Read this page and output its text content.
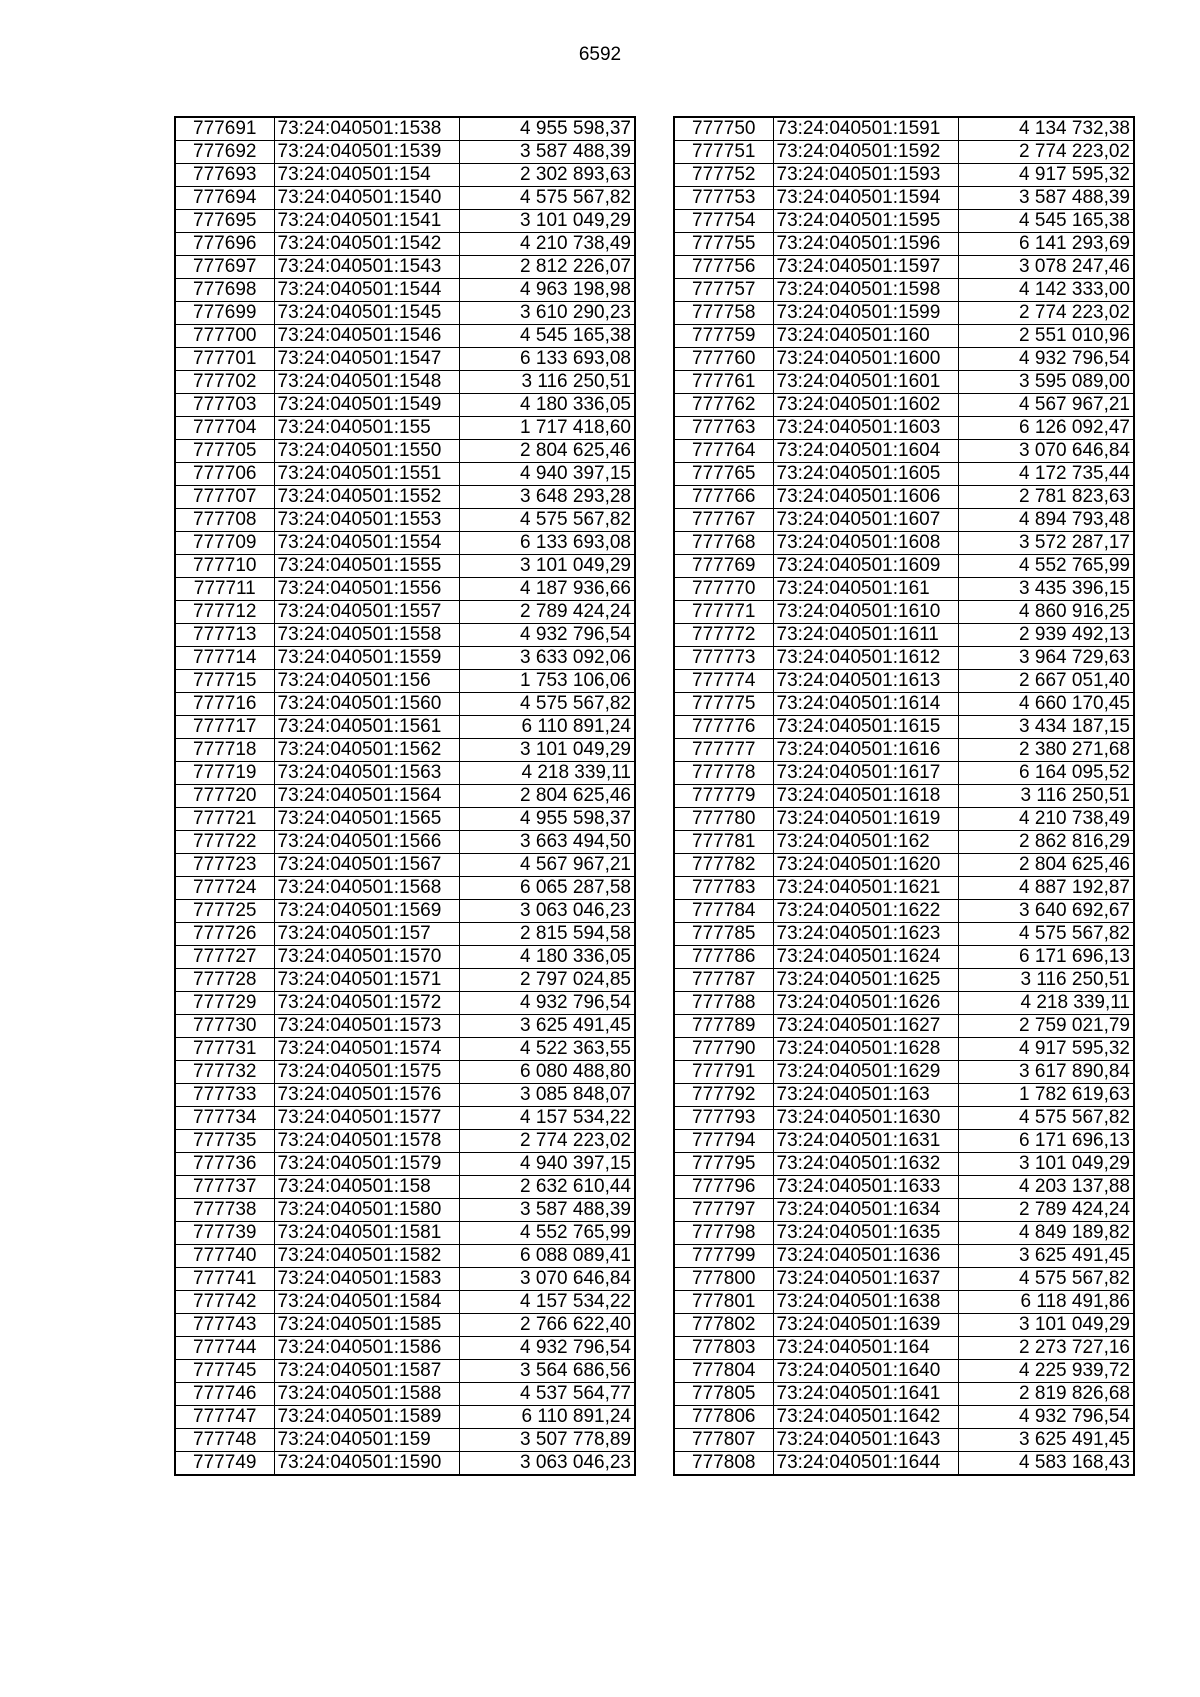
6592
777691	73:24:040501:1538	4 955 598,37
777692	73:24:040501:1539	3 587 488,39
777693	73:24:040501:154	2 302 893,63
777694	73:24:040501:1540	4 575 567,82
777695	73:24:040501:1541	3 101 049,29
777696	73:24:040501:1542	4 210 738,49
777697	73:24:040501:1543	2 812 226,07
777698	73:24:040501:1544	4 963 198,98
777699	73:24:040501:1545	3 610 290,23
777700	73:24:040501:1546	4 545 165,38
777701	73:24:040501:1547	6 133 693,08
777702	73:24:040501:1548	3 116 250,51
777703	73:24:040501:1549	4 180 336,05
777704	73:24:040501:155	1 717 418,60
777705	73:24:040501:1550	2 804 625,46
777706	73:24:040501:1551	4 940 397,15
777707	73:24:040501:1552	3 648 293,28
777708	73:24:040501:1553	4 575 567,82
777709	73:24:040501:1554	6 133 693,08
777710	73:24:040501:1555	3 101 049,29
777711	73:24:040501:1556	4 187 936,66
777712	73:24:040501:1557	2 789 424,24
777713	73:24:040501:1558	4 932 796,54
777714	73:24:040501:1559	3 633 092,06
777715	73:24:040501:156	1 753 106,06
777716	73:24:040501:1560	4 575 567,82
777717	73:24:040501:1561	6 110 891,24
777718	73:24:040501:1562	3 101 049,29
777719	73:24:040501:1563	4 218 339,11
777720	73:24:040501:1564	2 804 625,46
777721	73:24:040501:1565	4 955 598,37
777722	73:24:040501:1566	3 663 494,50
777723	73:24:040501:1567	4 567 967,21
777724	73:24:040501:1568	6 065 287,58
777725	73:24:040501:1569	3 063 046,23
777726	73:24:040501:157	2 815 594,58
777727	73:24:040501:1570	4 180 336,05
777728	73:24:040501:1571	2 797 024,85
777729	73:24:040501:1572	4 932 796,54
777730	73:24:040501:1573	3 625 491,45
777731	73:24:040501:1574	4 522 363,55
777732	73:24:040501:1575	6 080 488,80
777733	73:24:040501:1576	3 085 848,07
777734	73:24:040501:1577	4 157 534,22
777735	73:24:040501:1578	2 774 223,02
777736	73:24:040501:1579	4 940 397,15
777737	73:24:040501:158	2 632 610,44
777738	73:24:040501:1580	3 587 488,39
777739	73:24:040501:1581	4 552 765,99
777740	73:24:040501:1582	6 088 089,41
777741	73:24:040501:1583	3 070 646,84
777742	73:24:040501:1584	4 157 534,22
777743	73:24:040501:1585	2 766 622,40
777744	73:24:040501:1586	4 932 796,54
777745	73:24:040501:1587	3 564 686,56
777746	73:24:040501:1588	4 537 564,77
777747	73:24:040501:1589	6 110 891,24
777748	73:24:040501:159	3 507 778,89
777749	73:24:040501:1590	3 063 046,23
777750	73:24:040501:1591	4 134 732,38
777751	73:24:040501:1592	2 774 223,02
777752	73:24:040501:1593	4 917 595,32
777753	73:24:040501:1594	3 587 488,39
777754	73:24:040501:1595	4 545 165,38
777755	73:24:040501:1596	6 141 293,69
777756	73:24:040501:1597	3 078 247,46
777757	73:24:040501:1598	4 142 333,00
777758	73:24:040501:1599	2 774 223,02
777759	73:24:040501:160	2 551 010,96
777760	73:24:040501:1600	4 932 796,54
777761	73:24:040501:1601	3 595 089,00
777762	73:24:040501:1602	4 567 967,21
777763	73:24:040501:1603	6 126 092,47
777764	73:24:040501:1604	3 070 646,84
777765	73:24:040501:1605	4 172 735,44
777766	73:24:040501:1606	2 781 823,63
777767	73:24:040501:1607	4 894 793,48
777768	73:24:040501:1608	3 572 287,17
777769	73:24:040501:1609	4 552 765,99
777770	73:24:040501:161	3 435 396,15
777771	73:24:040501:1610	4 860 916,25
777772	73:24:040501:1611	2 939 492,13
777773	73:24:040501:1612	3 964 729,63
777774	73:24:040501:1613	2 667 051,40
777775	73:24:040501:1614	4 660 170,45
777776	73:24:040501:1615	3 434 187,15
777777	73:24:040501:1616	2 380 271,68
777778	73:24:040501:1617	6 164 095,52
777779	73:24:040501:1618	3 116 250,51
777780	73:24:040501:1619	4 210 738,49
777781	73:24:040501:162	2 862 816,29
777782	73:24:040501:1620	2 804 625,46
777783	73:24:040501:1621	4 887 192,87
777784	73:24:040501:1622	3 640 692,67
777785	73:24:040501:1623	4 575 567,82
777786	73:24:040501:1624	6 171 696,13
777787	73:24:040501:1625	3 116 250,51
777788	73:24:040501:1626	4 218 339,11
777789	73:24:040501:1627	2 759 021,79
777790	73:24:040501:1628	4 917 595,32
777791	73:24:040501:1629	3 617 890,84
777792	73:24:040501:163	1 782 619,63
777793	73:24:040501:1630	4 575 567,82
777794	73:24:040501:1631	6 171 696,13
777795	73:24:040501:1632	3 101 049,29
777796	73:24:040501:1633	4 203 137,88
777797	73:24:040501:1634	2 789 424,24
777798	73:24:040501:1635	4 849 189,82
777799	73:24:040501:1636	3 625 491,45
777800	73:24:040501:1637	4 575 567,82
777801	73:24:040501:1638	6 118 491,86
777802	73:24:040501:1639	3 101 049,29
777803	73:24:040501:164	2 273 727,16
777804	73:24:040501:1640	4 225 939,72
777805	73:24:040501:1641	2 819 826,68
777806	73:24:040501:1642	4 932 796,54
777807	73:24:040501:1643	3 625 491,45
777808	73:24:040501:1644	4 583 168,43
